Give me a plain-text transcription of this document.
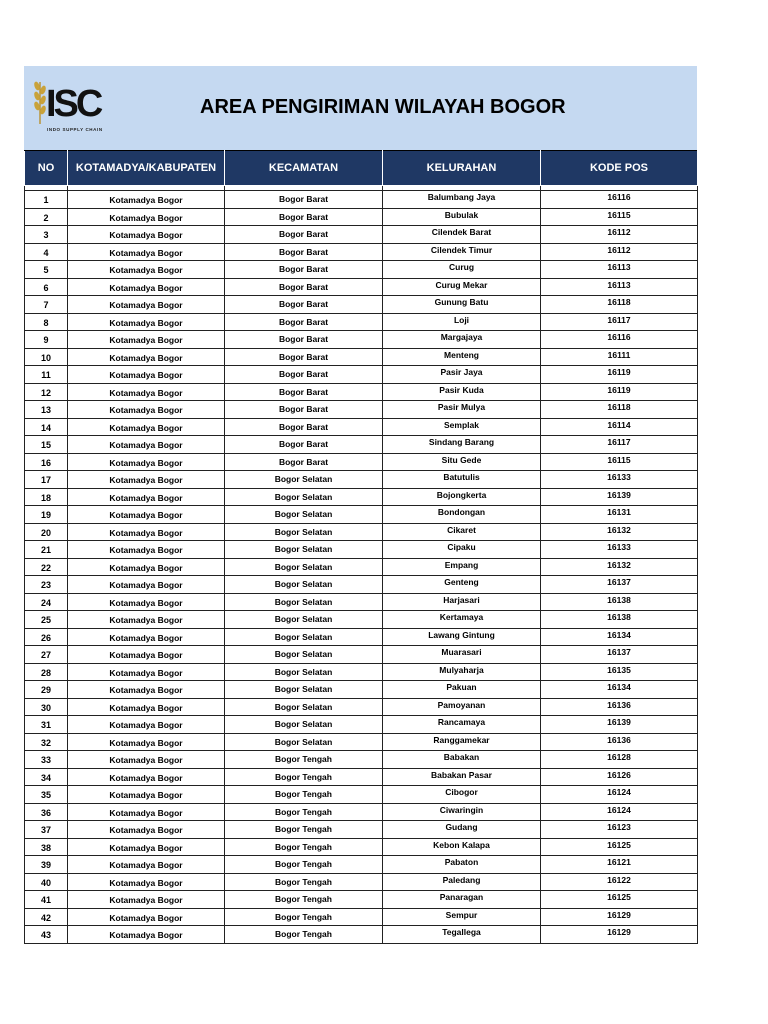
ISC
INDO SUPPLY CHAIN
AREA PENGIRIMAN WILAYAH BOGOR
NO	KOTAMADYA/KABUPATEN	KECAMATAN	KELURAHAN	KODE POS

1	Kotamadya Bogor	Bogor Barat	Balumbang Jaya	16116
2	Kotamadya Bogor	Bogor Barat	Bubulak	16115
3	Kotamadya Bogor	Bogor Barat	Cilendek Barat	16112
4	Kotamadya Bogor	Bogor Barat	Cilendek Timur	16112
5	Kotamadya Bogor	Bogor Barat	Curug	16113
6	Kotamadya Bogor	Bogor Barat	Curug Mekar	16113
7	Kotamadya Bogor	Bogor Barat	Gunung Batu	16118
8	Kotamadya Bogor	Bogor Barat	Loji	16117
9	Kotamadya Bogor	Bogor Barat	Margajaya	16116
10	Kotamadya Bogor	Bogor Barat	Menteng	16111
11	Kotamadya Bogor	Bogor Barat	Pasir Jaya	16119
12	Kotamadya Bogor	Bogor Barat	Pasir Kuda	16119
13	Kotamadya Bogor	Bogor Barat	Pasir Mulya	16118
14	Kotamadya Bogor	Bogor Barat	Semplak	16114
15	Kotamadya Bogor	Bogor Barat	Sindang Barang	16117
16	Kotamadya Bogor	Bogor Barat	Situ Gede	16115
17	Kotamadya Bogor	Bogor Selatan	Batutulis	16133
18	Kotamadya Bogor	Bogor Selatan	Bojongkerta	16139
19	Kotamadya Bogor	Bogor Selatan	Bondongan	16131
20	Kotamadya Bogor	Bogor Selatan	Cikaret	16132
21	Kotamadya Bogor	Bogor Selatan	Cipaku	16133
22	Kotamadya Bogor	Bogor Selatan	Empang	16132
23	Kotamadya Bogor	Bogor Selatan	Genteng	16137
24	Kotamadya Bogor	Bogor Selatan	Harjasari	16138
25	Kotamadya Bogor	Bogor Selatan	Kertamaya	16138
26	Kotamadya Bogor	Bogor Selatan	Lawang Gintung	16134
27	Kotamadya Bogor	Bogor Selatan	Muarasari	16137
28	Kotamadya Bogor	Bogor Selatan	Mulyaharja	16135
29	Kotamadya Bogor	Bogor Selatan	Pakuan	16134
30	Kotamadya Bogor	Bogor Selatan	Pamoyanan	16136
31	Kotamadya Bogor	Bogor Selatan	Rancamaya	16139
32	Kotamadya Bogor	Bogor Selatan	Ranggamekar	16136
33	Kotamadya Bogor	Bogor Tengah	Babakan	16128
34	Kotamadya Bogor	Bogor Tengah	Babakan Pasar	16126
35	Kotamadya Bogor	Bogor Tengah	Cibogor	16124
36	Kotamadya Bogor	Bogor Tengah	Ciwaringin	16124
37	Kotamadya Bogor	Bogor Tengah	Gudang	16123
38	Kotamadya Bogor	Bogor Tengah	Kebon Kalapa	16125
39	Kotamadya Bogor	Bogor Tengah	Pabaton	16121
40	Kotamadya Bogor	Bogor Tengah	Paledang	16122
41	Kotamadya Bogor	Bogor Tengah	Panaragan	16125
42	Kotamadya Bogor	Bogor Tengah	Sempur	16129
43	Kotamadya Bogor	Bogor Tengah	Tegallega	16129
